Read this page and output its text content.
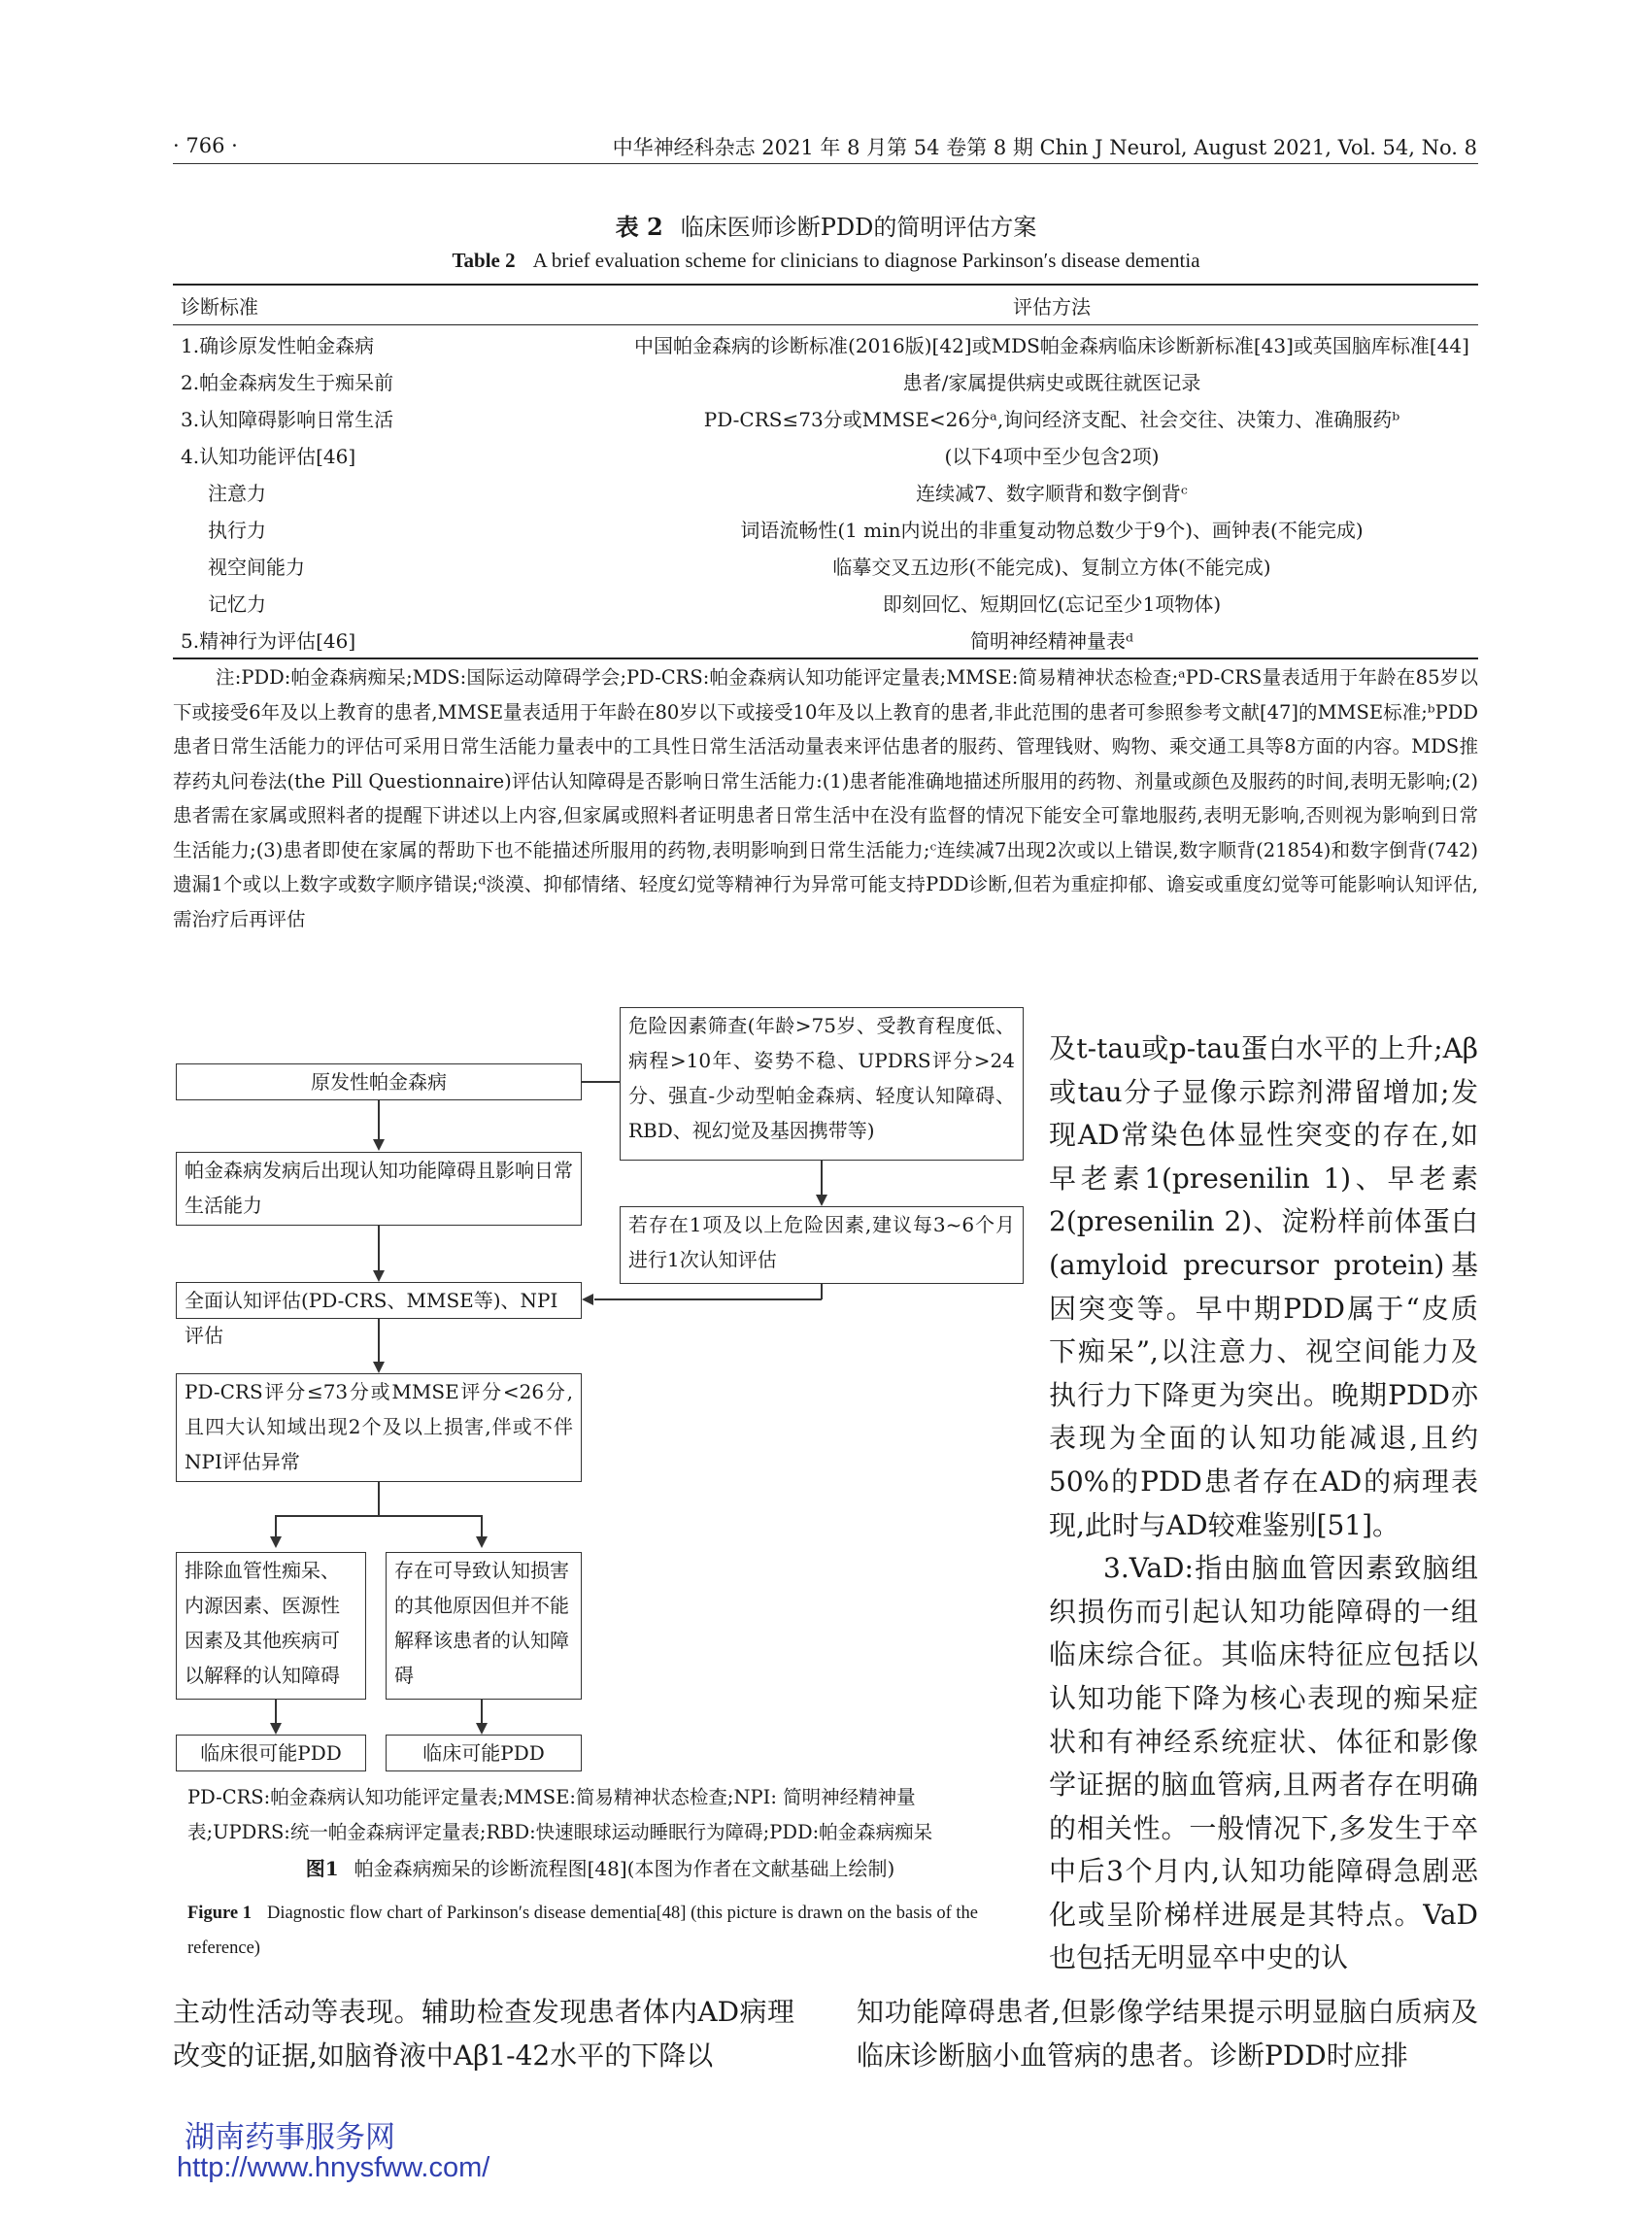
· 766 ·	中华神经科杂志 2021 年 8 月第 54 卷第 8 期 Chin J Neurol, August 2021, Vol. 54, No. 8
表 2 临床医师诊断PDD的简明评估方案
Table 2 A brief evaluation scheme for clinicians to diagnose Parkinson′s disease dementia
诊断标准	评估方法
1.确诊原发性帕金森病	中国帕金森病的诊断标准(2016版)[42]或MDS帕金森病临床诊断新标准[43]或英国脑库标准[44]
2.帕金森病发生于痴呆前	患者/家属提供病史或既往就医记录
3.认知障碍影响日常生活	PD-CRS≤73分或MMSE<26分ᵃ,询问经济支配、社会交往、决策力、准确服药ᵇ
4.认知功能评估[46]	(以下4项中至少包含2项)
注意力	连续减7、数字顺背和数字倒背ᶜ
执行力	词语流畅性(1 min内说出的非重复动物总数少于9个)、画钟表(不能完成)
视空间能力	临摹交叉五边形(不能完成)、复制立方体(不能完成)
记忆力	即刻回忆、短期回忆(忘记至少1项物体)
5.精神行为评估[46]	简明神经精神量表ᵈ
注:PDD:帕金森病痴呆;MDS:国际运动障碍学会;PD-CRS:帕金森病认知功能评定量表;MMSE:简易精神状态检查;ᵃPD-CRS量表适用于年龄在85岁以下或接受6年及以上教育的患者,MMSE量表适用于年龄在80岁以下或接受10年及以上教育的患者,非此范围的患者可参照参考文献[47]的MMSE标准;ᵇPDD患者日常生活能力的评估可采用日常生活能力量表中的工具性日常生活活动量表来评估患者的服药、管理钱财、购物、乘交通工具等8方面的内容。MDS推荐药丸问卷法(the Pill Questionnaire)评估认知障碍是否影响日常生活能力:(1)患者能准确地描述所服用的药物、剂量或颜色及服药的时间,表明无影响;(2)患者需在家属或照料者的提醒下讲述以上内容,但家属或照料者证明患者日常生活中在没有监督的情况下能安全可靠地服药,表明无影响,否则视为影响到日常生活能力;(3)患者即使在家属的帮助下也不能描述所服用的药物,表明影响到日常生活能力;ᶜ连续减7出现2次或以上错误,数字顺背(21854)和数字倒背(742)遗漏1个或以上数字或数字顺序错误;ᵈ淡漠、抑郁情绪、轻度幻觉等精神行为异常可能支持PDD诊断,但若为重症抑郁、谵妄或重度幻觉等可能影响认知评估,需治疗后再评估
危险因素筛查(年龄>75岁、受教育程度低、病程>10年、姿势不稳、UPDRS评分>24分、强直-少动型帕金森病、轻度认知障碍、RBD、视幻觉及基因携带等)
原发性帕金森病
帕金森病发病后出现认知功能障碍且影响日常生活能力
若存在1项及以上危险因素,建议每3~6个月进行1次认知评估
全面认知评估(PD-CRS、MMSE等)、NPI评估
PD-CRS评分≤73分或MMSE评分<26分,且四大认知域出现2个及以上损害,伴或不伴NPI评估异常
排除血管性痴呆、内源因素、医源性因素及其他疾病可以解释的认知障碍
存在可导致认知损害的其他原因但并不能解释该患者的认知障碍
临床很可能PDD	临床可能PDD
PD-CRS:帕金森病认知功能评定量表;MMSE:简易精神状态检查;NPI: 简明神经精神量表;UPDRS:统一帕金森病评定量表;RBD:快速眼球运动睡眠行为障碍;PDD:帕金森病痴呆
图1 帕金森病痴呆的诊断流程图[48](本图为作者在文献基础上绘制)
Figure 1 Diagnostic flow chart of Parkinson′s disease dementia[48] (this picture is drawn on the basis of the reference)

及t-tau或p-tau蛋白水平的上升;Aβ或tau分子显像示踪剂滞留增加;发现AD常染色体显性突变的存在,如早老素1(presenilin 1)、早老素2(presenilin 2)、淀粉样前体蛋白(amyloid precursor protein)基因突变等。早中期PDD属于“皮质下痴呆”,以注意力、视空间能力及执行力下降更为突出。晚期PDD亦表现为全面的认知功能减退,且约50%的PDD患者存在AD的病理表现,此时与AD较难鉴别[51]。

3.VaD:指由脑血管因素致脑组织损伤而引起认知功能障碍的一组临床综合征。其临床特征应包括以认知功能下降为核心表现的痴呆症状和有神经系统症状、体征和影像学证据的脑血管病,且两者存在明确的相关性。一般情况下,多发生于卒中后3个月内,认知功能障碍急剧恶化或呈阶梯样进展是其特点。VaD也包括无明显卒中史的认

主动性活动等表现。辅助检查发现患者体内AD病理改变的证据,如脑脊液中Aβ1-42水平的下降以
知功能障碍患者,但影像学结果提示明显脑白质病及临床诊断脑小血管病的患者。诊断PDD时应排
湖南药事服务网
http://www.hnysfww.com/
